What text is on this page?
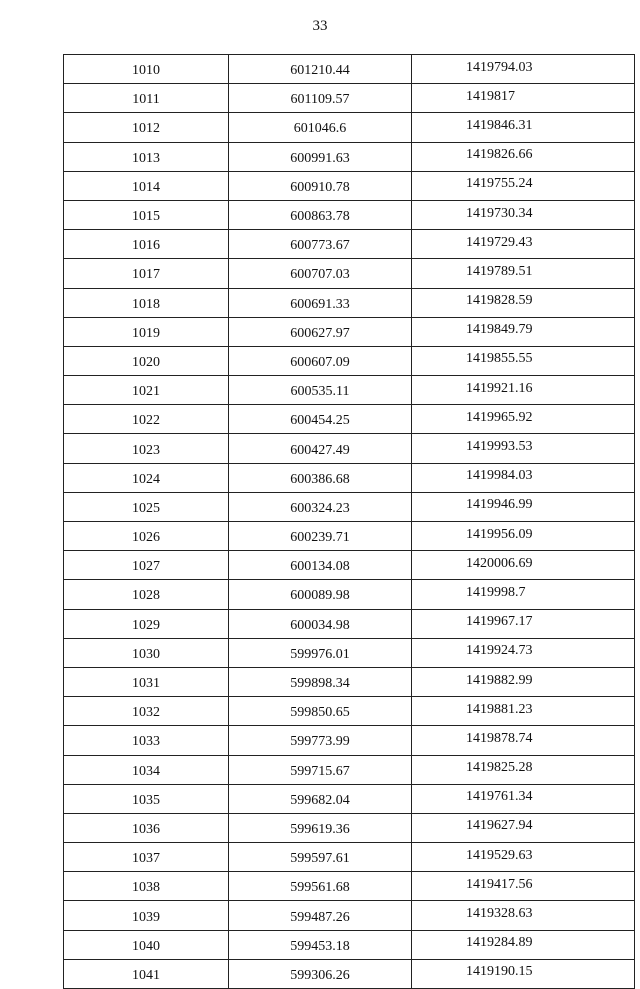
33
1010	601210.44	1419794.03
1011	601109.57	1419817
1012	601046.6	1419846.31
1013	600991.63	1419826.66
1014	600910.78	1419755.24
1015	600863.78	1419730.34
1016	600773.67	1419729.43
1017	600707.03	1419789.51
1018	600691.33	1419828.59
1019	600627.97	1419849.79
1020	600607.09	1419855.55
1021	600535.11	1419921.16
1022	600454.25	1419965.92
1023	600427.49	1419993.53
1024	600386.68	1419984.03
1025	600324.23	1419946.99
1026	600239.71	1419956.09
1027	600134.08	1420006.69
1028	600089.98	1419998.7
1029	600034.98	1419967.17
1030	599976.01	1419924.73
1031	599898.34	1419882.99
1032	599850.65	1419881.23
1033	599773.99	1419878.74
1034	599715.67	1419825.28
1035	599682.04	1419761.34
1036	599619.36	1419627.94
1037	599597.61	1419529.63
1038	599561.68	1419417.56
1039	599487.26	1419328.63
1040	599453.18	1419284.89
1041	599306.26	1419190.15
